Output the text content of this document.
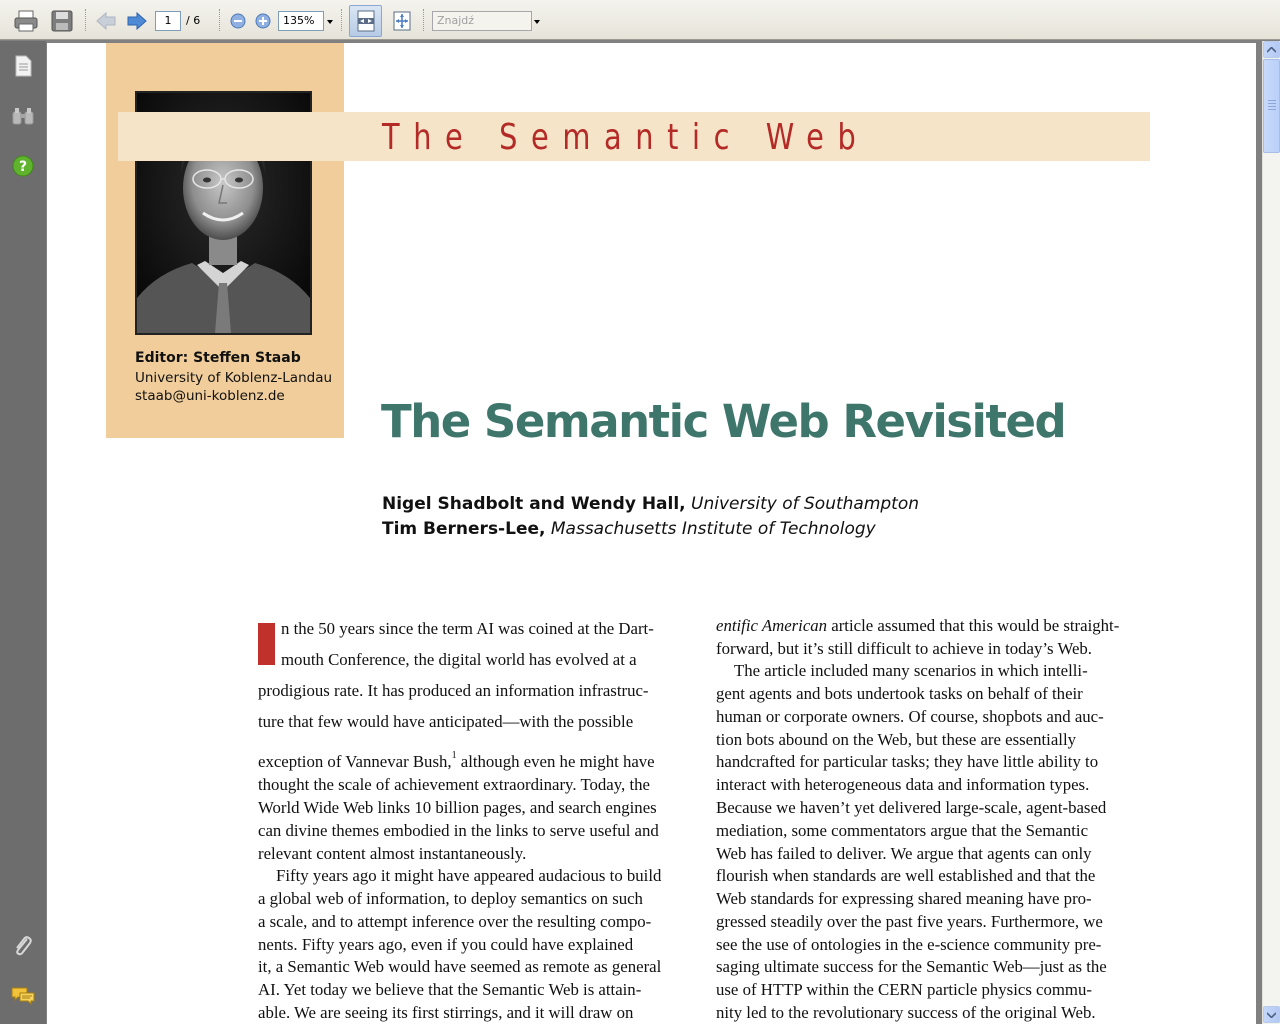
1	/ 6	135%	Znajdź
?
Editor: Steffen Staab
University of Koblenz-Landau
staab@uni-koblenz.de
The Semantic Web
The Semantic Web Revisited
Nigel Shadbolt and Wendy Hall, University of Southampton
Tim Berners-Lee, Massachusetts Institute of Technology
n the 50 years since the term AI was coined at the Dart-
mouth Conference, the digital world has evolved at a
prodigious rate. It has produced an information infrastruc-
ture that few would have anticipated—with the possible
exception of Vannevar Bush,$^1$ although even he might have
thought the scale of achievement extraordinary. Today, the
World Wide Web links 10 billion pages, and search engines
can divine themes embodied in the links to serve useful and
relevant content almost instantaneously.
Fifty years ago it might have appeared audacious to build
a global web of information, to deploy semantics on such
a scale, and to attempt inference over the resulting compo-
nents. Fifty years ago, even if you could have explained
it, a Semantic Web would have seemed as remote as general
AI. Yet today we believe that the Semantic Web is attain-
able. We are seeing its first stirrings, and it will draw on
entific American article assumed that this would be straight-
forward, but it’s still difficult to achieve in today’s Web.
The article included many scenarios in which intelli-
gent agents and bots undertook tasks on behalf of their
human or corporate owners. Of course, shopbots and auc-
tion bots abound on the Web, but these are essentially
handcrafted for particular tasks; they have little ability to
interact with heterogeneous data and information types.
Because we haven’t yet delivered large-scale, agent-based
mediation, some commentators argue that the Semantic
Web has failed to deliver. We argue that agents can only
flourish when standards are well established and that the
Web standards for expressing shared meaning have pro-
gressed steadily over the past five years. Furthermore, we
see the use of ontologies in the e-science community pre-
saging ultimate success for the Semantic Web—just as the
use of HTTP within the CERN particle physics commu-
nity led to the revolutionary success of the original Web.
